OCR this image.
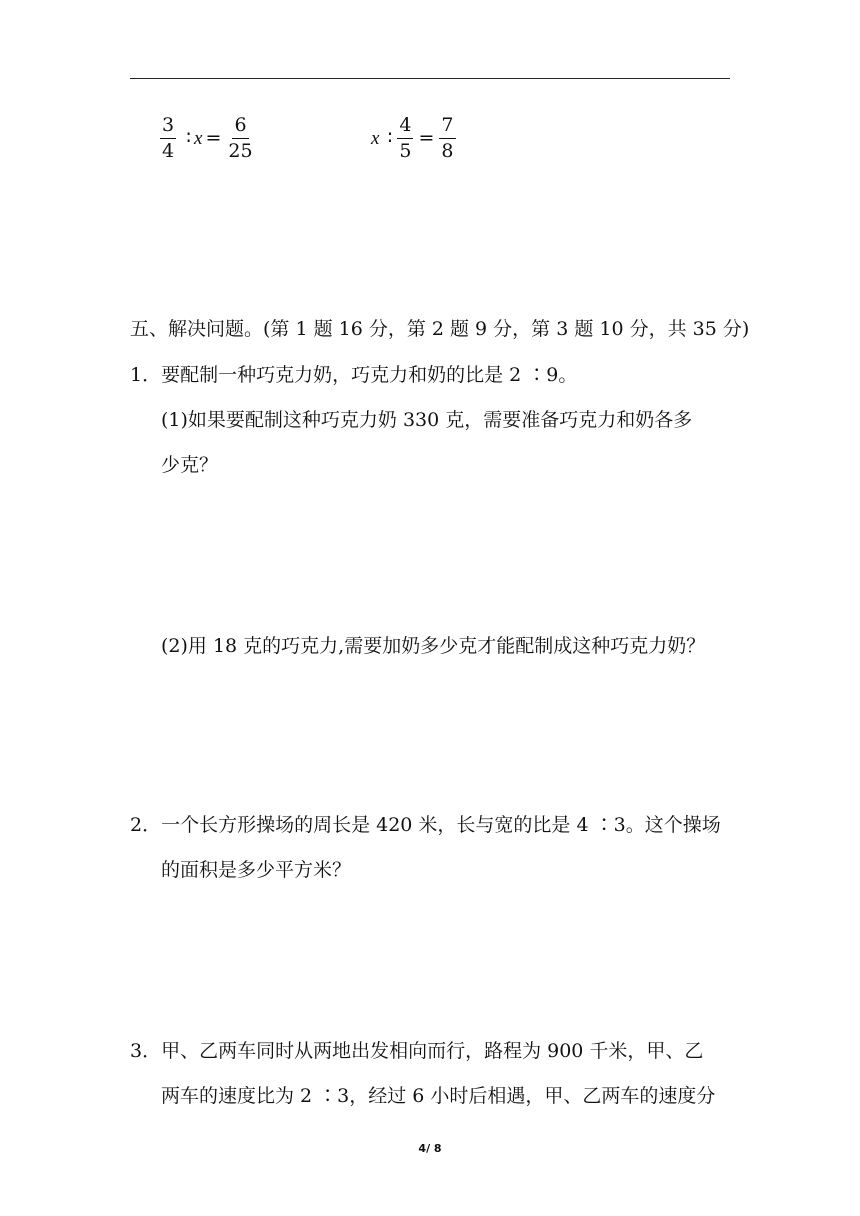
$\frac{3}{4}$ ∶ $x = \frac{6}{25}$	x ∶ $\frac{4}{5} = \frac{7}{8}$
五、解决问题。(第 1 题 16 分，第 2 题 9 分，第 3 题 10 分，共 35 分)
1．要配制一种巧克力奶，巧克力和奶的比是 2 ∶9。
(1)如果要配制这种巧克力奶 330 克，需要准备巧克力和奶各多
少克？
(2)用 18 克的巧克力,需要加奶多少克才能配制成这种巧克力奶？
2．一个长方形操场的周长是 420 米，长与宽的比是 4 ∶3。这个操场
的面积是多少平方米？
3．甲、乙两车同时从两地出发相向而行，路程为 900 千米，甲、乙
两车的速度比为 2 ∶3，经过 6 小时后相遇，甲、乙两车的速度分
4/ 8
